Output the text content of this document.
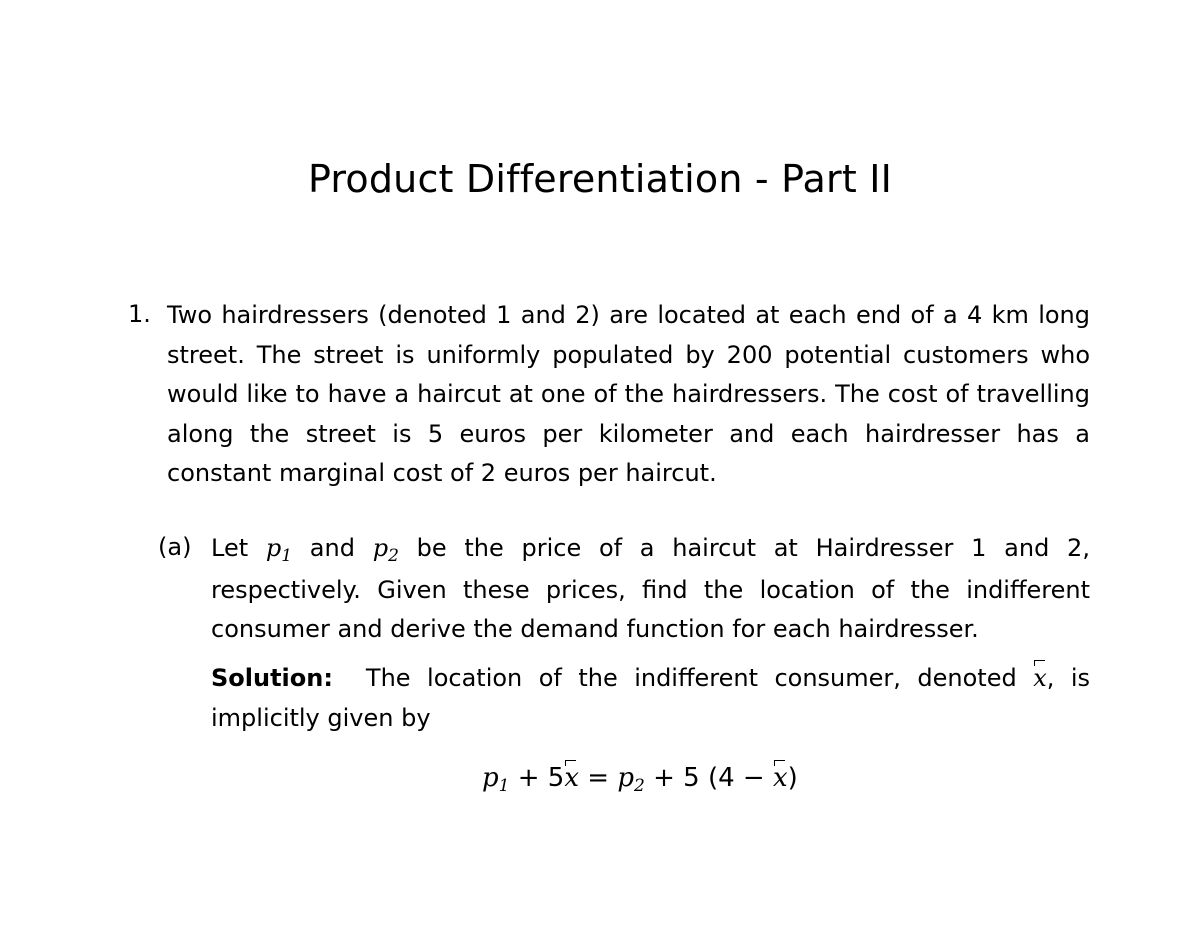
Product Differentiation - Part II
1. Two hairdressers (denoted 1 and 2) are located at each end of a 4 km long street. The street is uniformly populated by 200 potential customers who would like to have a haircut at one of the hairdressers. The cost of travelling along the street is 5 euros per kilometer and each hairdresser has a constant marginal cost of 2 euros per haircut.
(a) Let $p_1$ and $p_2$ be the price of a haircut at Hairdresser 1 and 2, respectively. Given these prices, find the location of the indifferent consumer and derive the demand function for each hairdresser.
Solution: The location of the indifferent consumer, denoted x, is implicitly given by
p1 + 5x = p2 + 5 (4 − x)
